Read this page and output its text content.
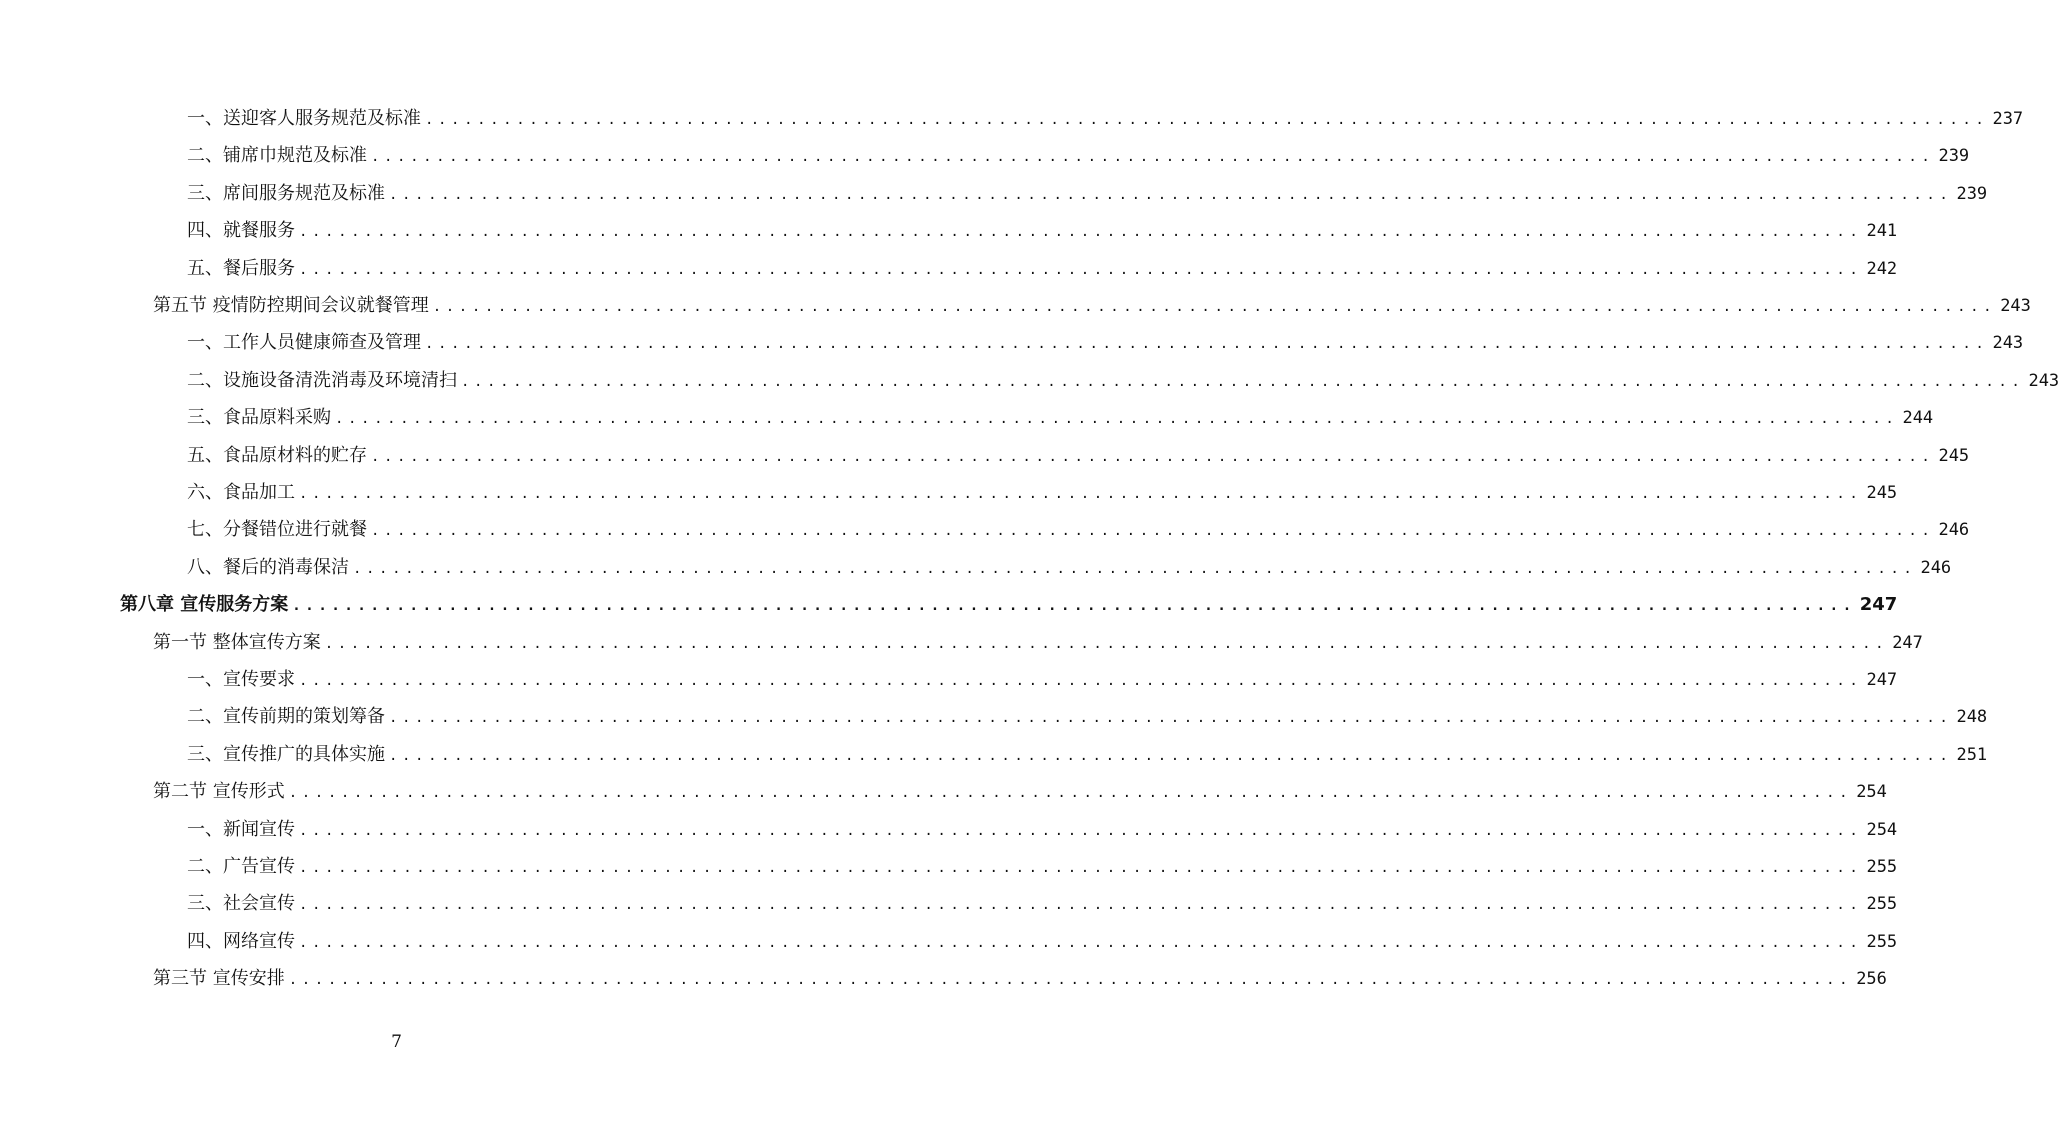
一、送迎客人服务规范及标准 ........................................................................................................................ 237
二、铺席巾规范及标准 ........................................................................................................................ 239
三、席间服务规范及标准 ........................................................................................................................ 239
四、就餐服务 ........................................................................................................................ 241
五、餐后服务 ........................................................................................................................ 242
第五节 疫情防控期间会议就餐管理 ........................................................................................................................ 243
一、工作人员健康筛查及管理 ........................................................................................................................ 243
二、设施设备清洗消毒及环境清扫 ........................................................................................................................ 243
三、食品原料采购 ........................................................................................................................ 244
五、食品原材料的贮存 ........................................................................................................................ 245
六、食品加工 ........................................................................................................................ 245
七、分餐错位进行就餐 ........................................................................................................................ 246
八、餐后的消毒保洁 ........................................................................................................................ 246
第八章 宣传服务方案 ........................................................................................................................ 247
第一节 整体宣传方案 ........................................................................................................................ 247
一、宣传要求 ........................................................................................................................ 247
二、宣传前期的策划筹备 ........................................................................................................................ 248
三、宣传推广的具体实施 ........................................................................................................................ 251
第二节 宣传形式 ........................................................................................................................ 254
一、新闻宣传 ........................................................................................................................ 254
二、广告宣传 ........................................................................................................................ 255
三、社会宣传 ........................................................................................................................ 255
四、网络宣传 ........................................................................................................................ 255
第三节 宣传安排 ........................................................................................................................ 256
7
